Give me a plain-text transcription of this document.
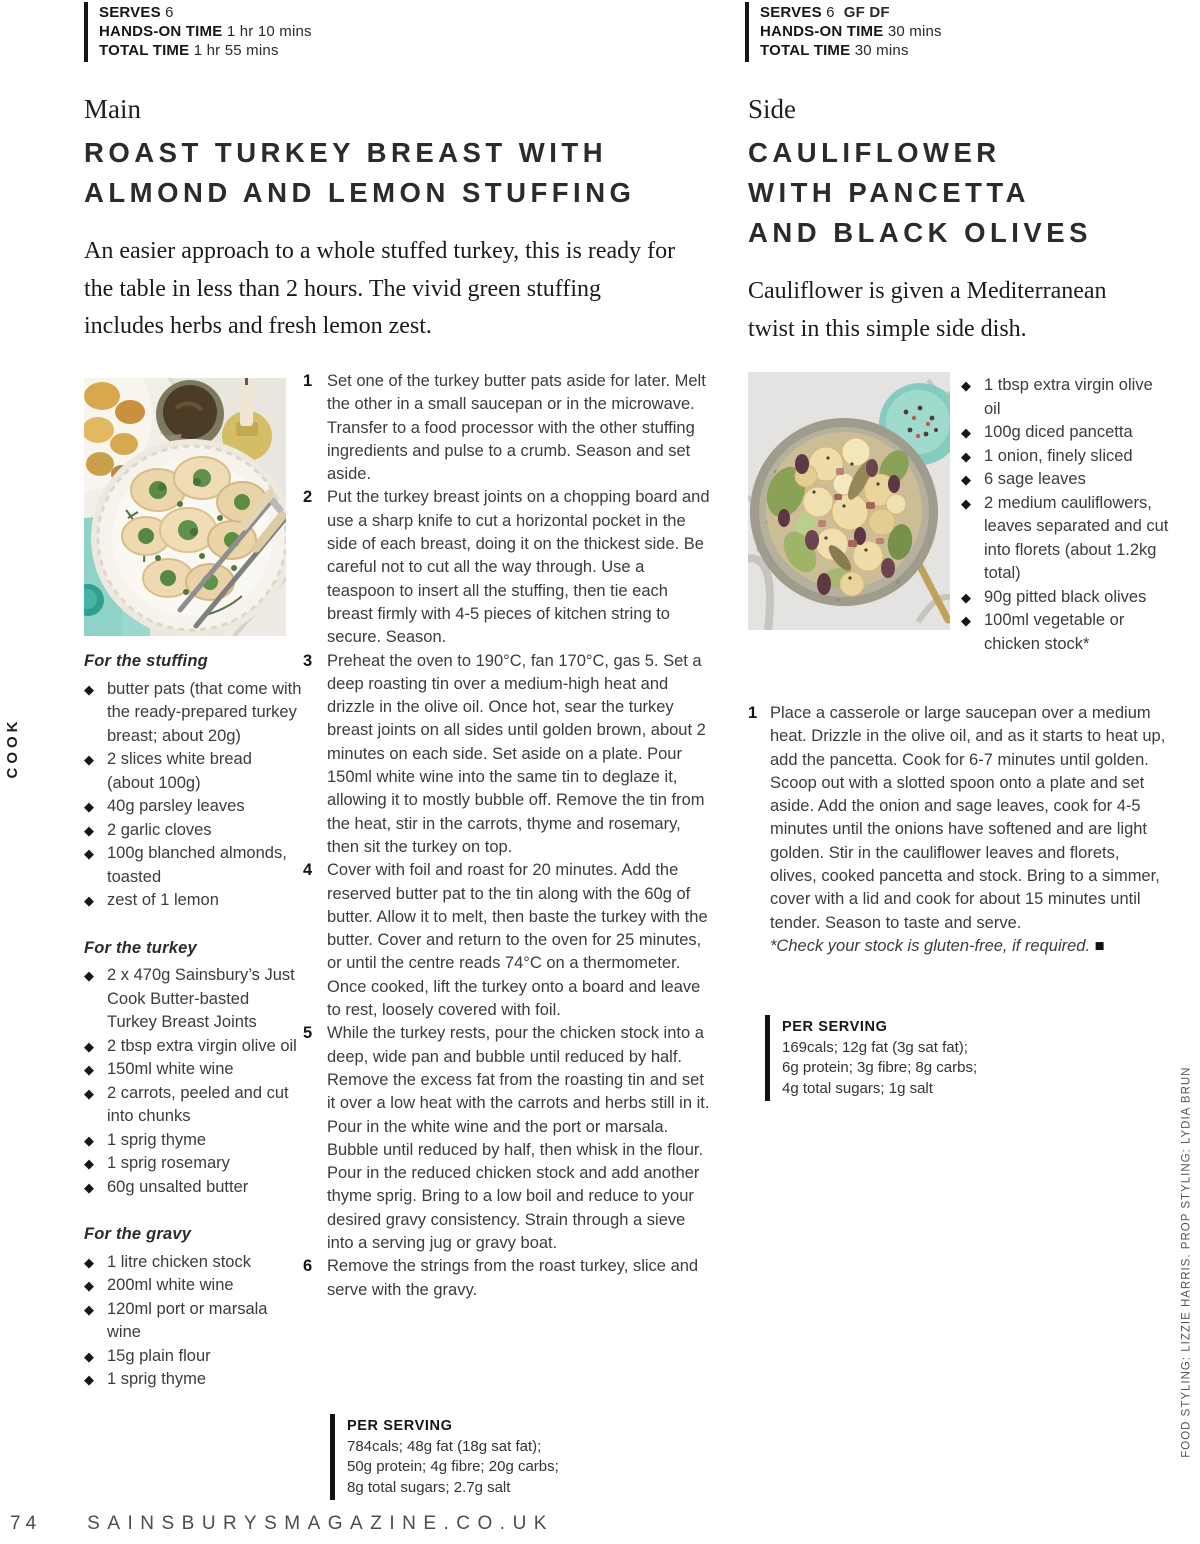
SERVES 6
HANDS-ON TIME 1 hr 10 mins
TOTAL TIME 1 hr 55 mins
SERVES 6 GF DF
HANDS-ON TIME 30 mins
TOTAL TIME 30 mins
Main
ROAST TURKEY BREAST WITH
ALMOND AND LEMON STUFFING
An easier approach to a whole stuffed turkey, this is ready for the table in less than 2 hours. The vivid green stuffing includes herbs and fresh lemon zest.
Side
CAULIFLOWER
WITH PANCETTA
AND BLACK OLIVES
Cauliflower is given a Mediterranean twist in this simple side dish.
For the stuffing
◆ butter pats (that come with the ready-prepared turkey breast; about 20g)
◆ 2 slices white bread (about 100g)
◆ 40g parsley leaves
◆ 2 garlic cloves
◆ 100g blanched almonds, toasted
◆ zest of 1 lemon
For the turkey
◆ 2 x 470g Sainsbury’s Just Cook Butter-basted Turkey Breast Joints
◆ 2 tbsp extra virgin olive oil
◆ 150ml white wine
◆ 2 carrots, peeled and cut into chunks
◆ 1 sprig thyme
◆ 1 sprig rosemary
◆ 60g unsalted butter
For the gravy
◆ 1 litre chicken stock
◆ 200ml white wine
◆ 120ml port or marsala wine
◆ 15g plain flour
◆ 1 sprig thyme
1 Set one of the turkey butter pats aside for later. Melt the other in a small saucepan or in the microwave. Transfer to a food processor with the other stuffing ingredients and pulse to a crumb. Season and set aside.
2 Put the turkey breast joints on a chopping board and use a sharp knife to cut a horizontal pocket in the side of each breast, doing it on the thickest side. Be careful not to cut all the way through. Use a teaspoon to insert all the stuffing, then tie each breast firmly with 4-5 pieces of kitchen string to secure. Season.
3 Preheat the oven to 190°C, fan 170°C, gas 5. Set a deep roasting tin over a medium-high heat and drizzle in the olive oil. Once hot, sear the turkey breast joints on all sides until golden brown, about 2 minutes on each side. Set aside on a plate. Pour 150ml white wine into the same tin to deglaze it, allowing it to mostly bubble off. Remove the tin from the heat, stir in the carrots, thyme and rosemary, then sit the turkey on top.
4 Cover with foil and roast for 20 minutes. Add the reserved butter pat to the tin along with the 60g of butter. Allow it to melt, then baste the turkey with the butter. Cover and return to the oven for 25 minutes, or until the centre reads 74°C on a thermometer. Once cooked, lift the turkey onto a board and leave to rest, loosely covered with foil.
5 While the turkey rests, pour the chicken stock into a deep, wide pan and bubble until reduced by half. Remove the excess fat from the roasting tin and set it over a low heat with the carrots and herbs still in it. Pour in the white wine and the port or marsala. Bubble until reduced by half, then whisk in the flour. Pour in the reduced chicken stock and add another thyme sprig. Bring to a low boil and reduce to your desired gravy consistency. Strain through a sieve into a serving jug or gravy boat.
6 Remove the strings from the roast turkey, slice and serve with the gravy.
PER SERVING
784cals; 48g fat (18g sat fat);
50g protein; 4g fibre; 20g carbs;
8g total sugars; 2.7g salt
◆ 1 tbsp extra virgin olive oil
◆ 100g diced pancetta
◆ 1 onion, finely sliced
◆ 6 sage leaves
◆ 2 medium cauliflowers, leaves separated and cut into florets (about 1.2kg total)
◆ 90g pitted black olives
◆ 100ml vegetable or chicken stock*
1 Place a casserole or large saucepan over a medium heat. Drizzle in the olive oil, and as it starts to heat up, add the pancetta. Cook for 6-7 minutes until golden. Scoop out with a slotted spoon onto a plate and set aside. Add the onion and sage leaves, cook for 4-5 minutes until the onions have softened and are light golden. Stir in the cauliflower leaves and florets, olives, cooked pancetta and stock. Bring to a simmer, cover with a lid and cook for about 15 minutes until tender. Season to taste and serve.
*Check your stock is gluten-free, if required. ■
PER SERVING
169cals; 12g fat (3g sat fat);
6g protein; 3g fibre; 8g carbs;
4g total sugars; 1g salt
COOK
FOOD STYLING: LIZZIE HARRIS. PROP STYLING: LYDIA BRUN
74 SAINSBURYSMAGAZINE.CO.UK
